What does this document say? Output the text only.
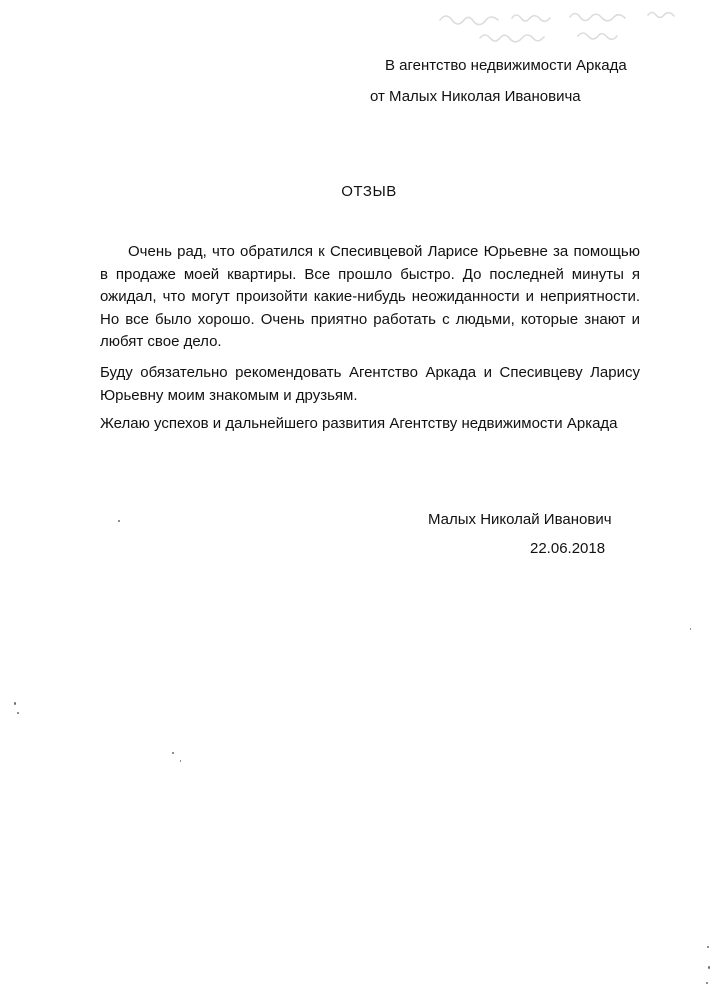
В агентство недвижимости Аркада
от Малых Николая Ивановича
ОТЗЫВ

Очень рад, что обратился к Спесивцевой Ларисе Юрьевне за помощью в продаже моей квартиры. Все прошло быстро. До последней минуты я ожидал, что могут произойти какие-нибудь неожиданности и неприятности. Но все было хорошо. Очень приятно работать с людьми, которые знают и любят свое дело.

Буду обязательно рекомендовать Агентство Аркада и Спесивцеву Ларису Юрьевну моим знакомым и друзьям.

Желаю успехов и дальнейшего развития Агентству недвижимости Аркада

Малых Николай Иванович
22.06.2018
